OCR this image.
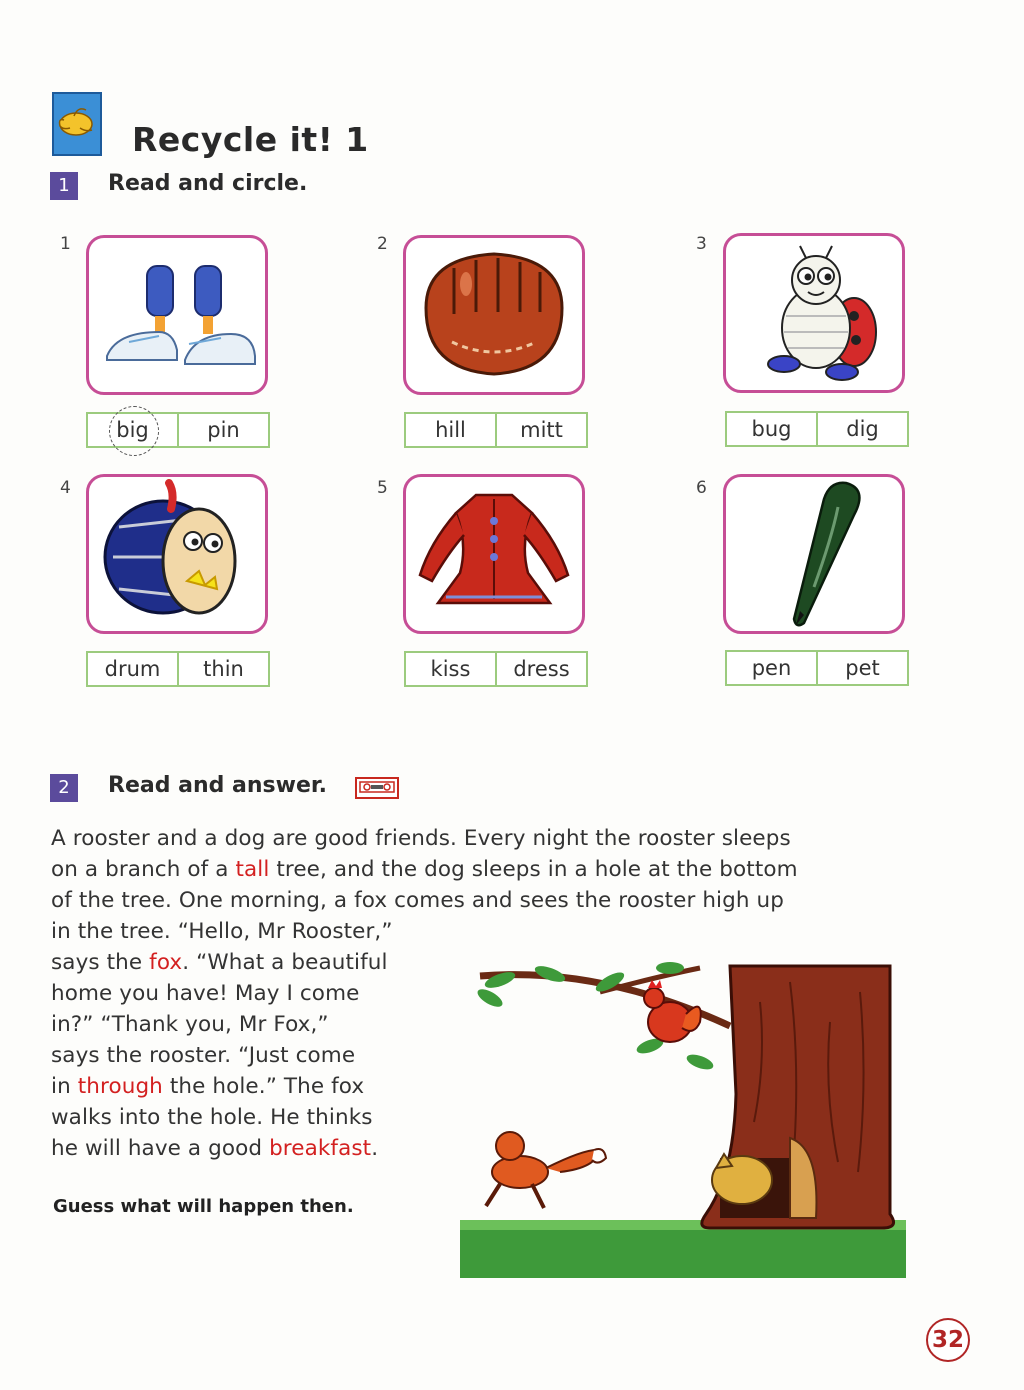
Recycle it! 1
1	Read and circle.
1
big	pin
2
hill	mitt
3
bug	dig
4
drum	thin
5
kiss	dress
6
pen	pet
2	Read and answer.
A rooster and a dog are good friends. Every night the rooster sleeps
on a branch of a tall tree, and the dog sleeps in a hole at the bottom
of the tree. One morning, a fox comes and sees the rooster high up
in the tree. “Hello, Mr Rooster,”
says the fox. “What a beautiful
home you have! May I come
in?” “Thank you, Mr Fox,”
says the rooster. “Just come
in through the hole.” The fox
walks into the hole. He thinks
he will have a good breakfast.
Guess what will happen then.
32
